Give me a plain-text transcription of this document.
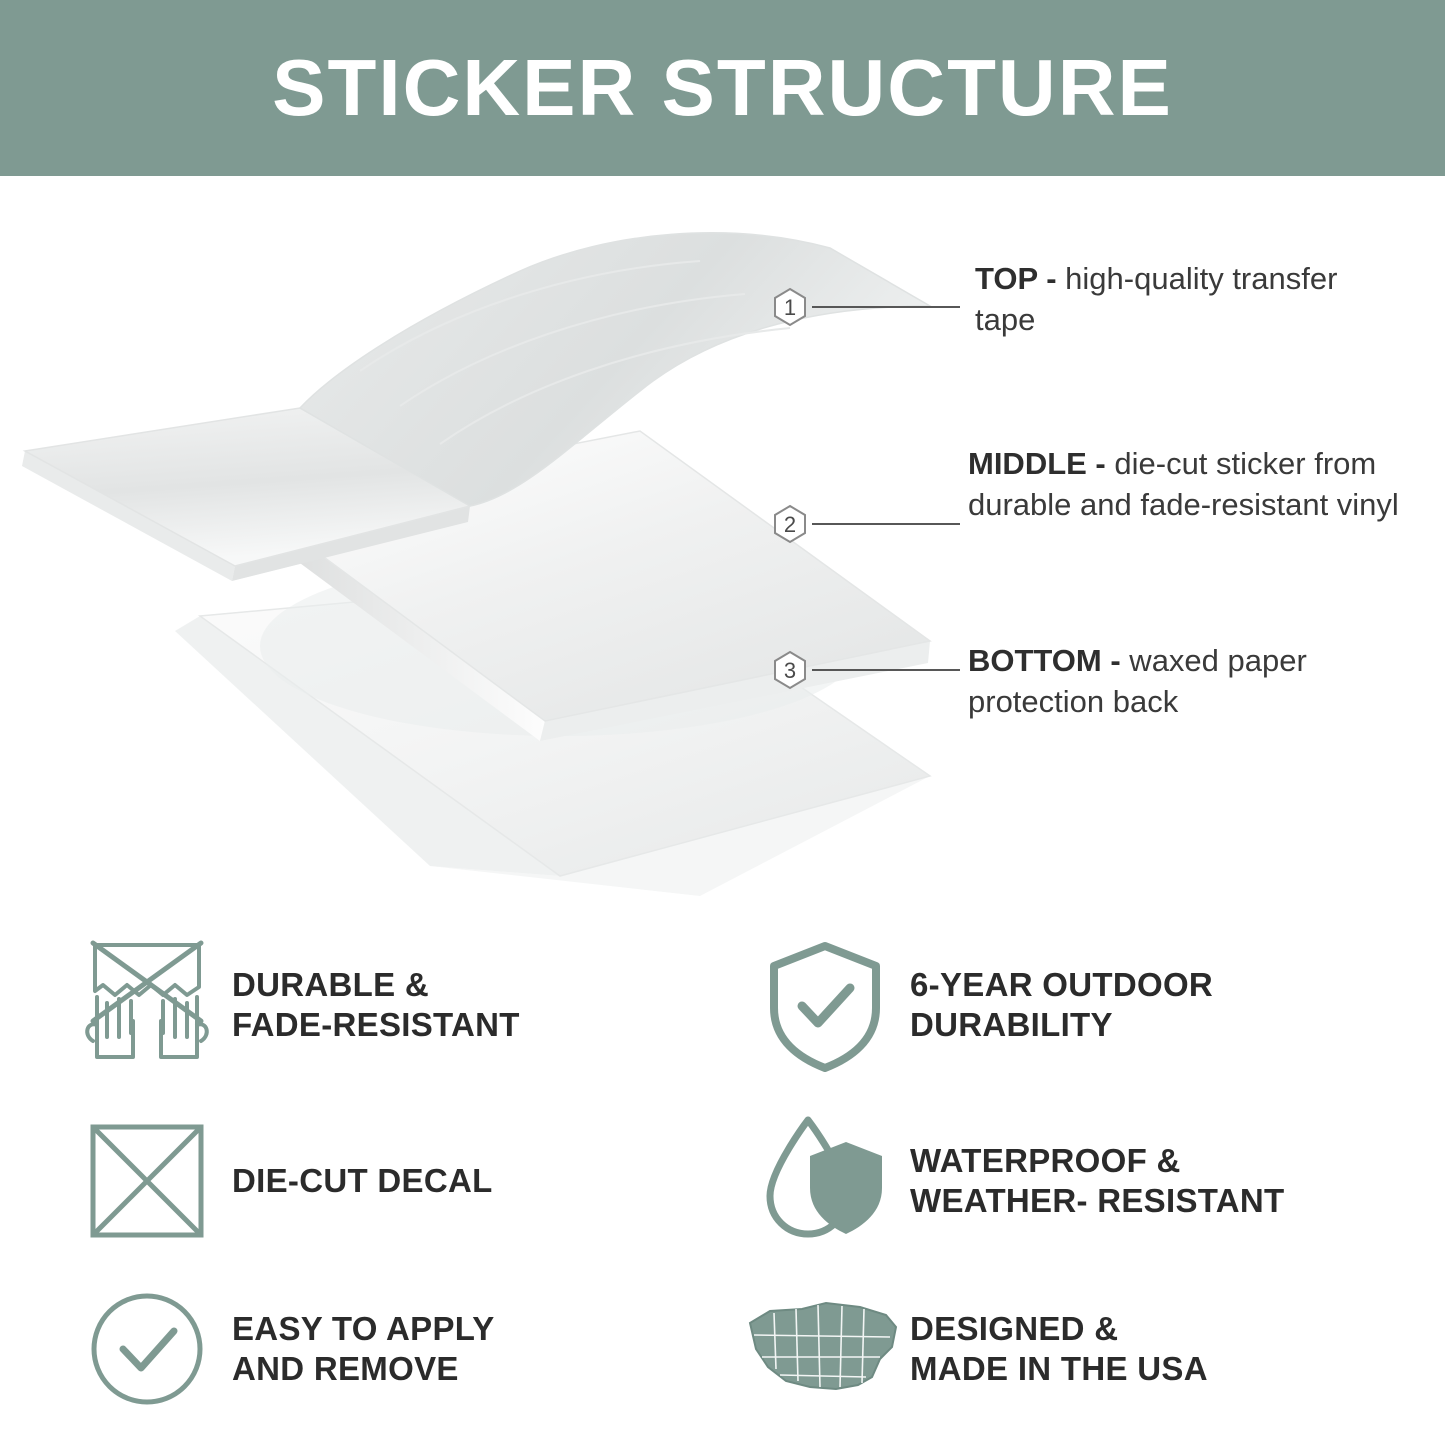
STICKER STRUCTURE
1
2
3
TOP - high-quality transfer tape
MIDDLE - die-cut sticker from durable and fade-resistant vinyl
BOTTOM - waxed paper protection back
DURABLE &
FADE-RESISTANT
6-YEAR OUTDOOR
DURABILITY
DIE-CUT DECAL
WATERPROOF &
WEATHER- RESISTANT
EASY TO APPLY
AND REMOVE
DESIGNED &
MADE IN THE USA
